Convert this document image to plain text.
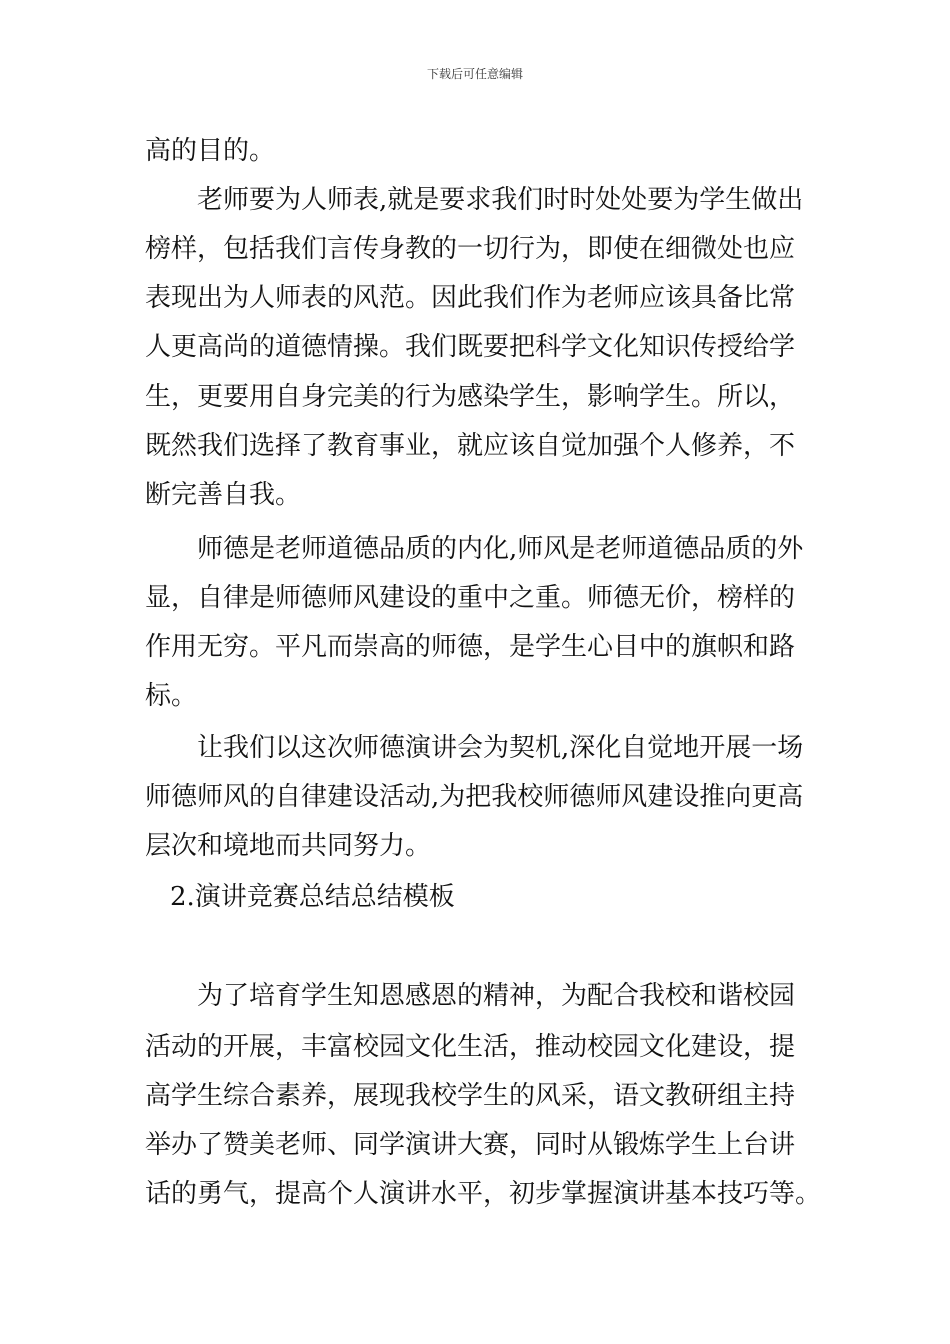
下载后可任意编辑
高的目的。
老师要为人师表,就是要求我们时时处处要为学生做出
榜样，包括我们言传身教的一切行为，即使在细微处也应
表现出为人师表的风范。因此我们作为老师应该具备比常
人更高尚的道德情操。我们既要把科学文化知识传授给学
生，更要用自身完美的行为感染学生，影响学生。所以，
既然我们选择了教育事业，就应该自觉加强个人修养，不
断完善自我。
师德是老师道德品质的内化,师风是老师道德品质的外
显，自律是师德师风建设的重中之重。师德无价，榜样的
作用无穷。平凡而崇高的师德，是学生心目中的旗帜和路
标。
让我们以这次师德演讲会为契机,深化自觉地开展一场
师德师风的自律建设活动,为把我校师德师风建设推向更高
层次和境地而共同努力。
2.演讲竞赛总结总结模板
为了培育学生知恩感恩的精神，为配合我校和谐校园
活动的开展，丰富校园文化生活，推动校园文化建设，提
高学生综合素养，展现我校学生的风采，语文教研组主持
举办了赞美老师、同学演讲大赛，同时从锻炼学生上台讲
话的勇气，提高个人演讲水平，初步掌握演讲基本技巧等。
